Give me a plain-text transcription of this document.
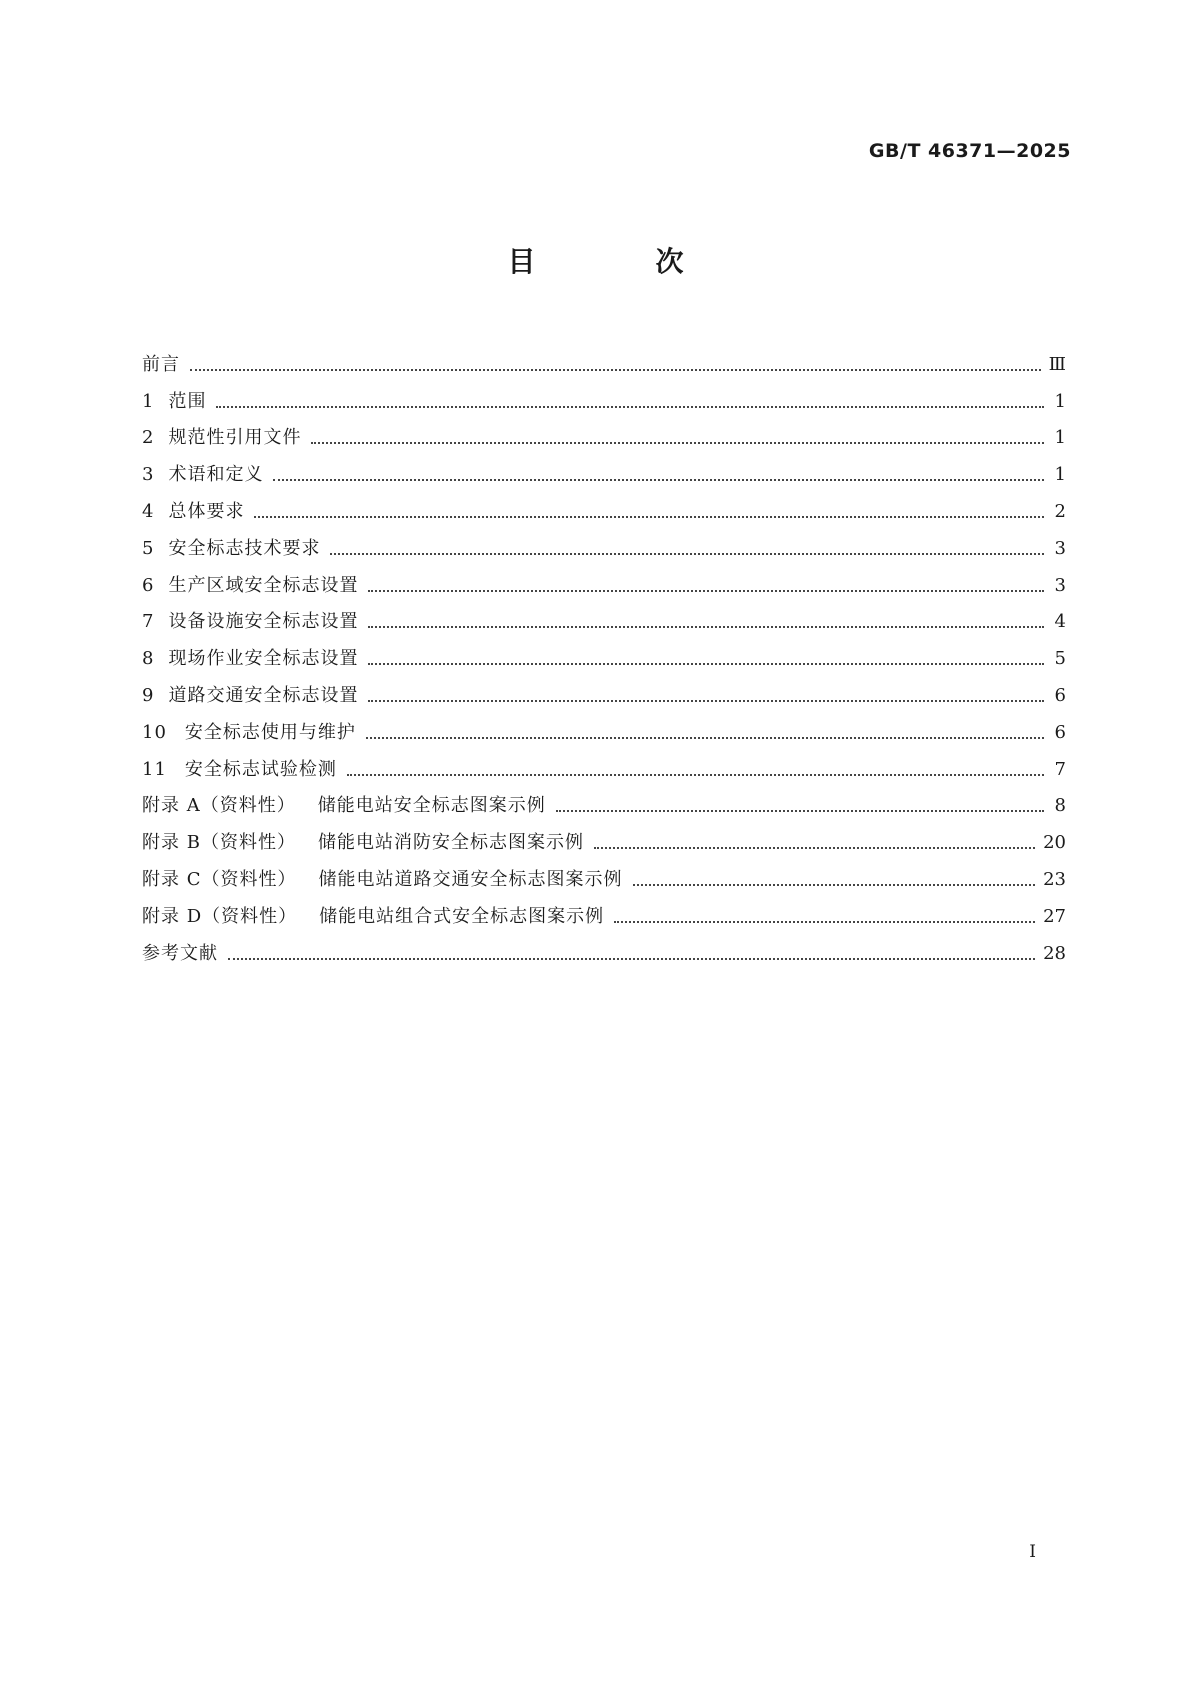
GB/T 46371—2025
目　次
前言	Ⅲ
1 范围	1
2 规范性引用文件	1
3 术语和定义	1
4 总体要求	2
5 安全标志技术要求	3
6 生产区域安全标志设置	3
7 设备设施安全标志设置	4
8 现场作业安全标志设置	5
9 道路交通安全标志设置	6
10 安全标志使用与维护	6
11 安全标志试验检测	7
附录 A （资料性） 储能电站安全标志图案示例	8
附录 B （资料性） 储能电站消防安全标志图案示例	20
附录 C （资料性） 储能电站道路交通安全标志图案示例	23
附录 D （资料性） 储能电站组合式安全标志图案示例	27
参考文献	28
I
